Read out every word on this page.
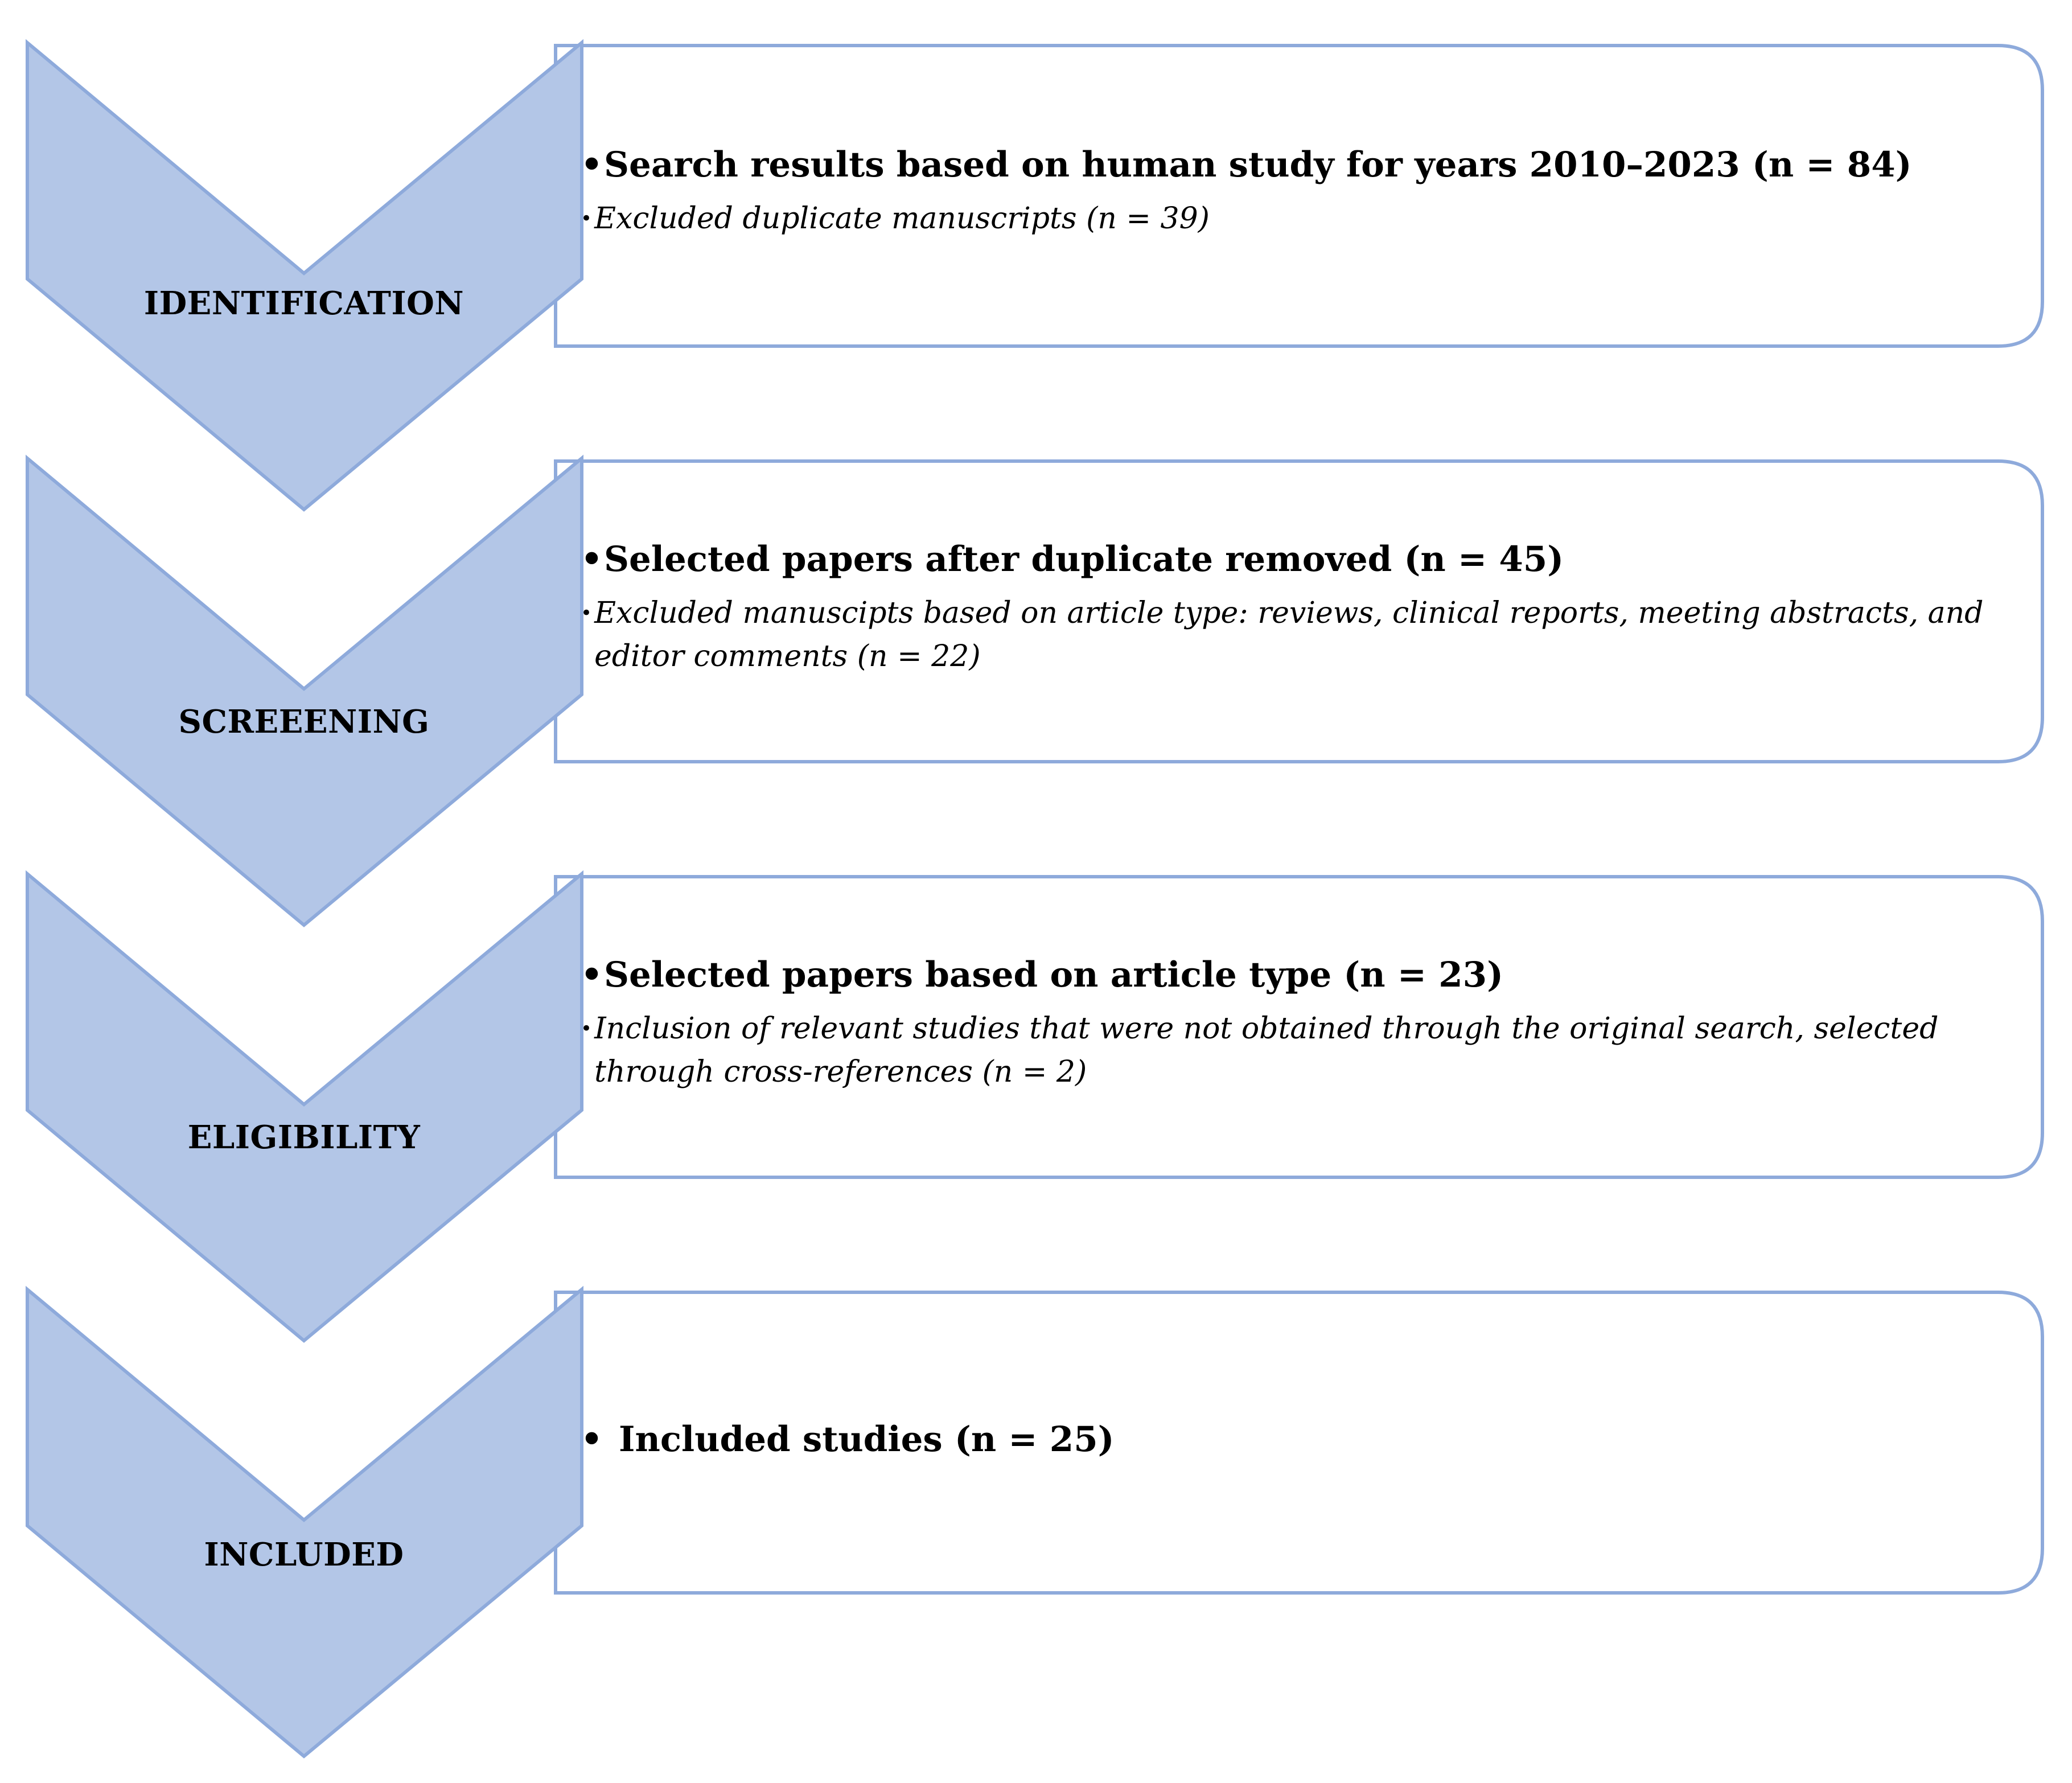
IDENTIFICATION
SCREEENING
ELIGIBILITY
INCLUDED
• Search results based on human study for years 2010–2023 (n = 84)
• Excluded duplicate manuscripts (n = 39)
• Selected papers after duplicate removed (n = 45)
• Excluded manuscipts based on article type: reviews, clinical reports, meeting abstracts, and editor comments (n = 22)
• Selected papers based on article type (n = 23)
• Inclusion of relevant studies that were not obtained through the original search, selected through cross-references (n = 2)
• Included studies (n = 25)
